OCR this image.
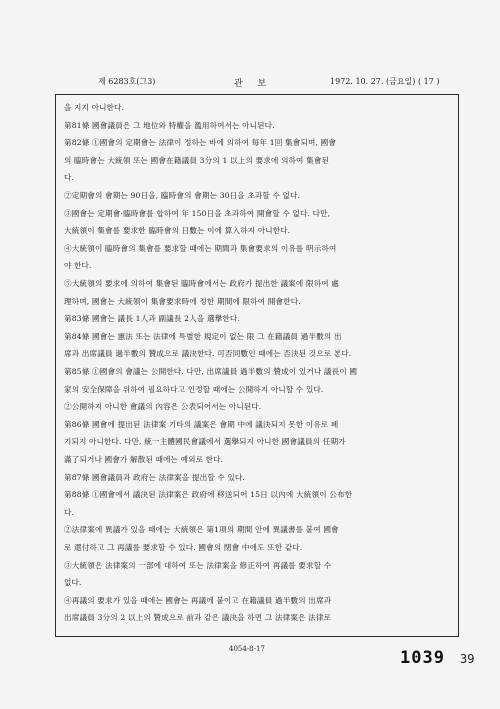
제 6283호(그3)	관 보	1972. 10. 27. (금요일) ( 17 )
을 지지 아니한다.
第81條 國會議員은 그 地位와 特權을 濫用하여서는 아니된다.
第82條 ①國會의 定期會는 法律이 정하는 바에 의하여 每年 1回 集會되며, 國會
의 臨時會는 大統領 또는 國會在籍議員 3分의 1 以上의 要求에 의하여 集會된
다.
②定期會의 會期는 90日을, 臨時會의 會期는 30日을 초과할 수 없다.
③國會는 定期會·臨時會를 합하여 年 150日을 초과하여 開會할 수 없다. 다만,
大統領이 集會를 要求한 臨時會의 日數는 이에 算入하지 아니한다.
④大統領이 臨時會의 集會를 要求할 때에는 期間과 集會要求의 이유를 明示하여
야 한다.
⑤大統領의 要求에 의하여 集會된 臨時會에서는 政府가 提出한 議案에 限하여 處
理하며, 國會는 大統領이 集會要求時에 정한 期間에 限하여 開會한다.
第83條 國會는 議長 1人과 副議長 2人을 選擧한다.
第84條 國會는 憲法 또는 法律에 특별한 規定이 없는 限 그 在籍議員 過半數의 出
席과 出席議員 過半數의 贊成으로 議決한다. 可否同數인 때에는 否決된 것으로 본다.
第85條 ①國會의 會議는 公開한다. 다만, 出席議員 過半數의 贊成이 있거나 議長이 國
家의 安全保障을 위하여 필요하다고 인정할 때에는 公開하지 아니할 수 있다.
②公開하지 아니한 會議의 內容은 公表되어서는 아니된다.
第86條 國會에 提出된 法律案 기타의 議案은 會期 中에 議決되지 못한 이유로 폐
기되지 아니한다. 다만, 統一主體國民會議에서 選擧되지 아니한 國會議員의 任期가
滿了되거나 國會가 解散된 때에는 예외로 한다.
第87條 國會議員과 政府는 法律案을 提出할 수 있다.
第88條 ①國會에서 議決된 法律案은 政府에 移送되어 15日 以內에 大統領이 公布한
다.
②法律案에 異議가 있을 때에는 大統領은 第1項의 期間 안에 異議書를 붙여 國會
로 還付하고 그 再議를 要求할 수 있다. 國會의 閉會 中에도 또한 같다.
③大統領은 法律案의 一部에 대하여 또는 法律案을 修正하여 再議를 要求할 수
없다.
④再議의 要求가 있을 때에는 國會는 再議에 붙이고 在籍議員 過半數의 出席과
出席議員 3分의 2 以上의 贊成으로 前과 같은 議決을 하면 그 法律案은 法律로
4054-8-17	1039 39
